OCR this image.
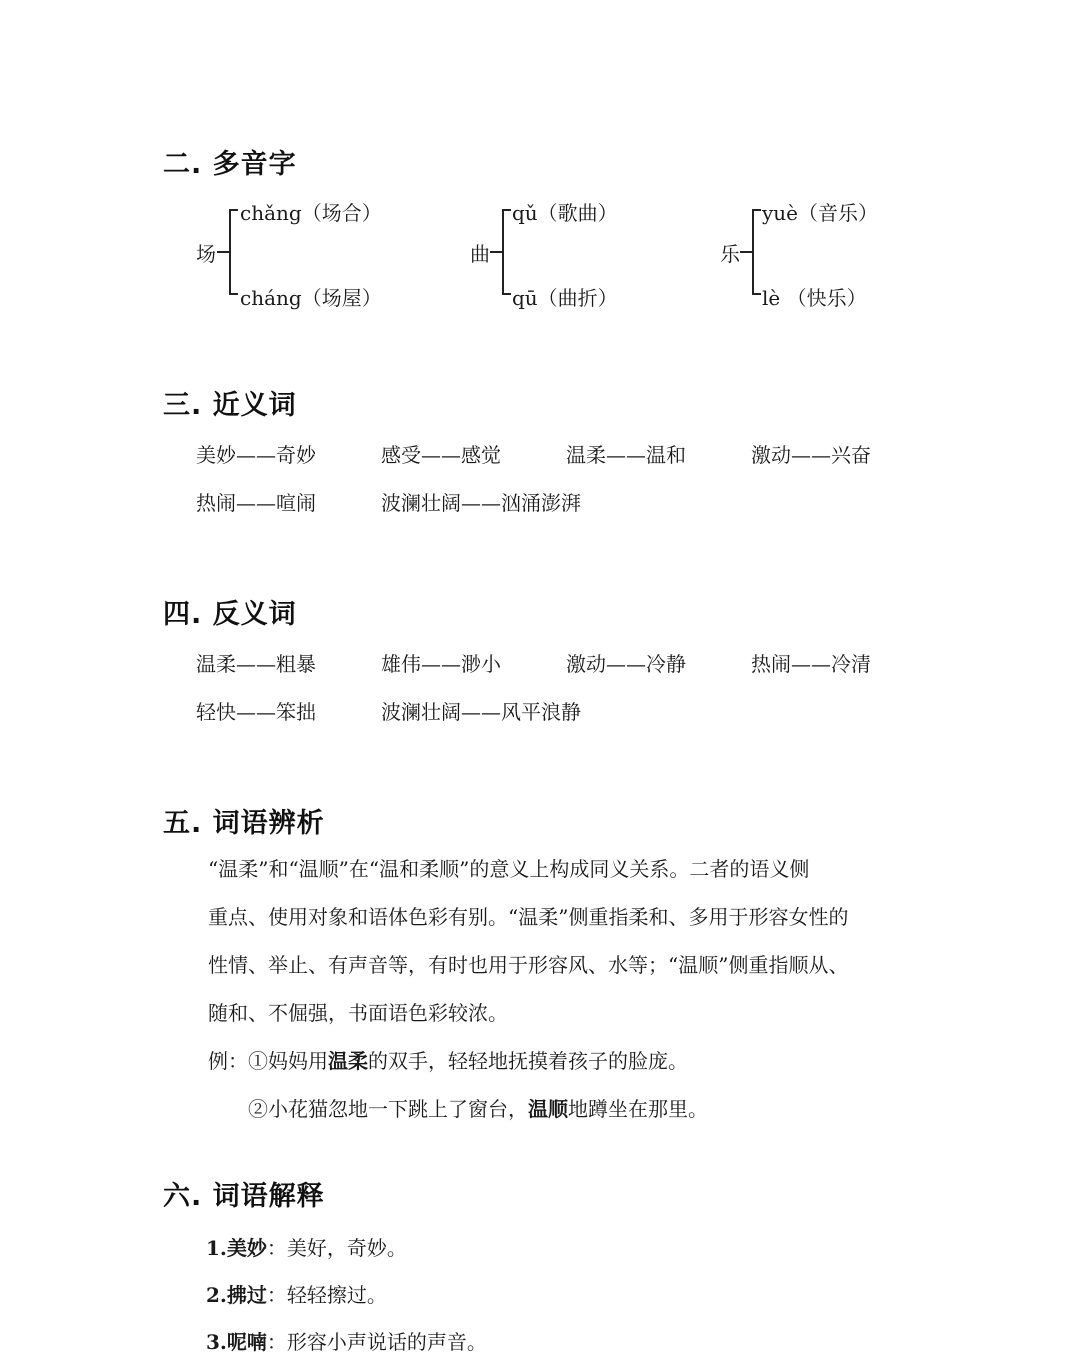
二. 多音字
场
chǎng（场合）
cháng（场屋）
曲
qǔ（歌曲）
qū（曲折）
乐
yuè（音乐）
lè （快乐）
三. 近义词
美妙——奇妙	感受——感觉	温柔——温和	激动——兴奋
热闹——喧闹	波澜壮阔——汹涌澎湃
四. 反义词
温柔——粗暴	雄伟——渺小	激动——冷静	热闹——冷清
轻快——笨拙	波澜壮阔——风平浪静
五. 词语辨析

“温柔”和“温顺”在“温和柔顺”的意义上构成同义关系。二者的语义侧

重点、使用对象和语体色彩有别。“温柔”侧重指柔和、多用于形容女性的

性情、举止、有声音等，有时也用于形容风、水等；“温顺”侧重指顺从、

随和、不倔强，书面语色彩较浓。

例：①妈妈用温柔的双手，轻轻地抚摸着孩子的脸庞。

②小花猫忽地一下跳上了窗台，温顺地蹲坐在那里。

六. 词语解释
1.美妙：美好，奇妙。
2.拂过：轻轻擦过。
3.呢喃：形容小声说话的声音。
